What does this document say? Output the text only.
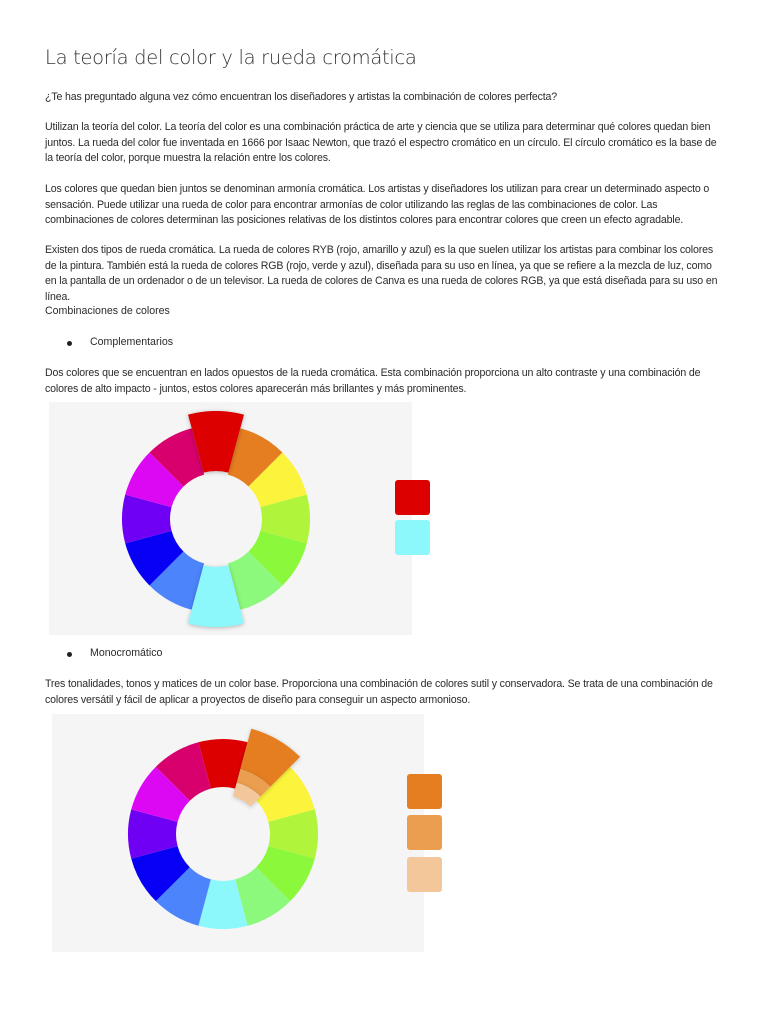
La teoría del color y la rueda cromática

¿Te has preguntado alguna vez cómo encuentran los diseñadores y artistas la combinación de colores perfecta?

Utilizan la teoría del color. La teoría del color es una combinación práctica de arte y ciencia que se utiliza para determinar qué colores quedan bien juntos. La rueda del color fue inventada en 1666 por Isaac Newton, que trazó el espectro cromático en un círculo. El círculo cromático es la base de la teoría del color, porque muestra la relación entre los colores.

Los colores que quedan bien juntos se denominan armonía cromática. Los artistas y diseñadores los utilizan para crear un determinado aspecto o sensación. Puede utilizar una rueda de color para encontrar armonías de color utilizando las reglas de las combinaciones de color. Las combinaciones de colores determinan las posiciones relativas de los distintos colores para encontrar colores que creen un efecto agradable.

Existen dos tipos de rueda cromática. La rueda de colores RYB (rojo, amarillo y azul) es la que suelen utilizar los artistas para combinar los colores de la pintura. También está la rueda de colores RGB (rojo, verde y azul), diseñada para su uso en línea, ya que se refiere a la mezcla de luz, como en la pantalla de un ordenador o de un televisor. La rueda de colores de Canva es una rueda de colores RGB, ya que está diseñada para su uso en línea.

Combinaciones de colores
Complementarios

Dos colores que se encuentran en lados opuestos de la rueda cromática. Esta combinación proporciona un alto contraste y una combinación de colores de alto impacto - juntos, estos colores aparecerán más brillantes y más prominentes.

Monocromático

Tres tonalidades, tonos y matices de un color base. Proporciona una combinación de colores sutil y conservadora. Se trata de una combinación de colores versátil y fácil de aplicar a proyectos de diseño para conseguir un aspecto armonioso.
